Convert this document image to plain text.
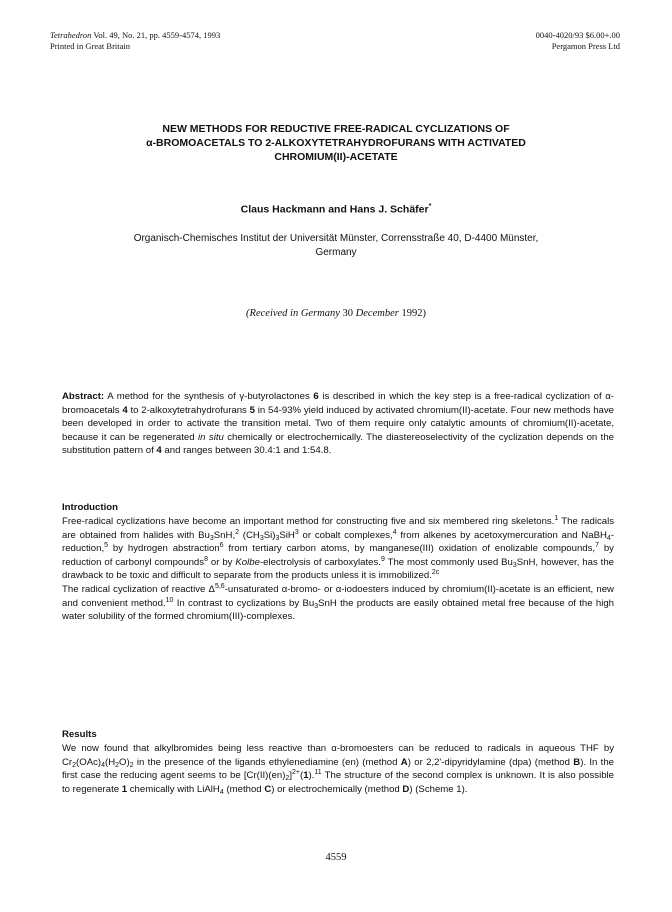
Tetrahedron Vol. 49, No. 21, pp. 4559-4574, 1993
Printed in Great Britain
0040-4020/93 $6.00+.00
Pergamon Press Ltd
NEW METHODS FOR REDUCTIVE FREE-RADICAL CYCLIZATIONS OF
α-BROMOACETALS TO 2-ALKOXYTETRAHYDROFURANS WITH ACTIVATED
CHROMIUM(II)-ACETATE
Claus Hackmann and Hans J. Schäfer*
Organisch-Chemisches Institut der Universität Münster, Corrensstraße 40, D-4400 Münster,
Germany
(Received in Germany 30 December 1992)

Abstract: A method for the synthesis of γ-butyrolactones 6 is described in which the key step is a free-radical cyclization of α-bromoacetals 4 to 2-alkoxytetrahydrofurans 5 in 54-93% yield induced by activated chromium(II)-acetate. Four new methods have been developed in order to activate the transition metal. Two of them require only catalytic amounts of chromium(II)-acetate, because it can be regenerated in situ chemically or electrochemically. The diastereoselectivity of the cyclization depends on the substitution pattern of 4 and ranges between 30.4:1 and 1:54.8.

Introduction

Free-radical cyclizations have become an important method for constructing five and six membered ring skeletons.$^1$ The radicals are obtained from halides with $Bu_3SnH,^2$ $(CH_3Si)_3SiH^3$ or cobalt complexes,$^4$ from alkenes by acetoxymercuration and NaBH$_4$-reduction,$^5$ by hydrogen abstraction$^6$ from tertiary carbon atoms, by manganese(III) oxidation of enolizable compounds,$^7$ by reduction of carbonyl compounds$^8$ or by Kolbe-electrolysis of carboxylates.$^9$ The most commonly used $Bu_3SnH$, however, has the drawback to be toxic and difficult to separate from the products unless it is immobilized.$^{2c}$

The radical cyclization of reactive Δ$^{5,6}$-unsaturated α-bromo- or α-iodoesters induced by chromium(II)-acetate is an efficient, new and convenient method.$^{10}$ In contrast to cyclizations by $Bu_3SnH$ the products are easily obtained metal free because of the high water solubility of the formed chromium(III)-complexes.

Results

We now found that alkylbromides being less reactive than α-bromoesters can be reduced to radicals in aqueous THF by $Cr_2(OAc)_4(H_2O)_2$ in the presence of the ligands ethylenediamine (en) (method A) or 2,2'-dipyridylamine (dpa) (method B). In the first case the reducing agent seems to be $[Cr(II)(en)_2]^{2+}(1).^{11}$ The structure of the second complex is unknown. It is also possible to regenerate 1 chemically with LiAlH$_4$ (method C) or electrochemically (method D) (Scheme 1).

4559
